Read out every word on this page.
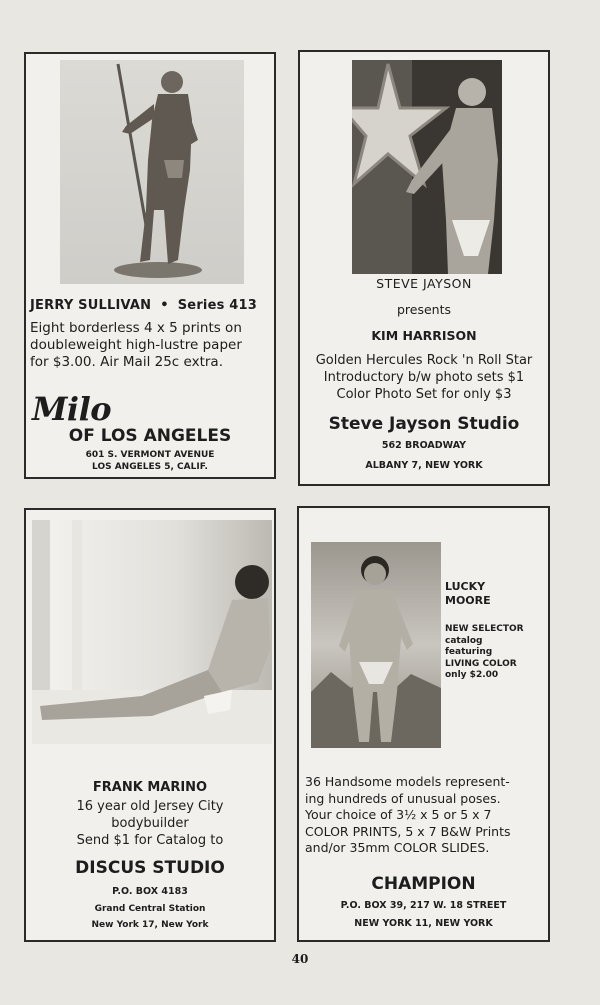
JERRY SULLIVAN • Series 413
Eight borderless 4 x 5 prints on
doubleweight high-lustre paper
for $3.00. Air Mail 25c extra.
Milo
OF LOS ANGELES
601 S. VERMONT AVENUE
LOS ANGELES 5, CALIF.
STEVE JAYSON
presents
KIM HARRISON
Golden Hercules Rock 'n Roll Star
Introductory b/w photo sets $1
Color Photo Set for only $3
Steve Jayson Studio
562 BROADWAY
ALBANY 7, NEW YORK
FRANK MARINO
16 year old Jersey City
bodybuilder
Send $1 for Catalog to
DISCUS STUDIO
P.O. BOX 4183
Grand Central Station
New York 17, New York
LUCKY
MOORE
NEW SELECTOR
catalog
featuring
LIVING COLOR
only $2.00
36 Handsome models represent-
ing hundreds of unusual poses.
Your choice of 3½ x 5 or 5 x 7
COLOR PRINTS, 5 x 7 B&W Prints
and/or 35mm COLOR SLIDES.
CHAMPION
P.O. BOX 39, 217 W. 18 STREET
NEW YORK 11, NEW YORK
40
